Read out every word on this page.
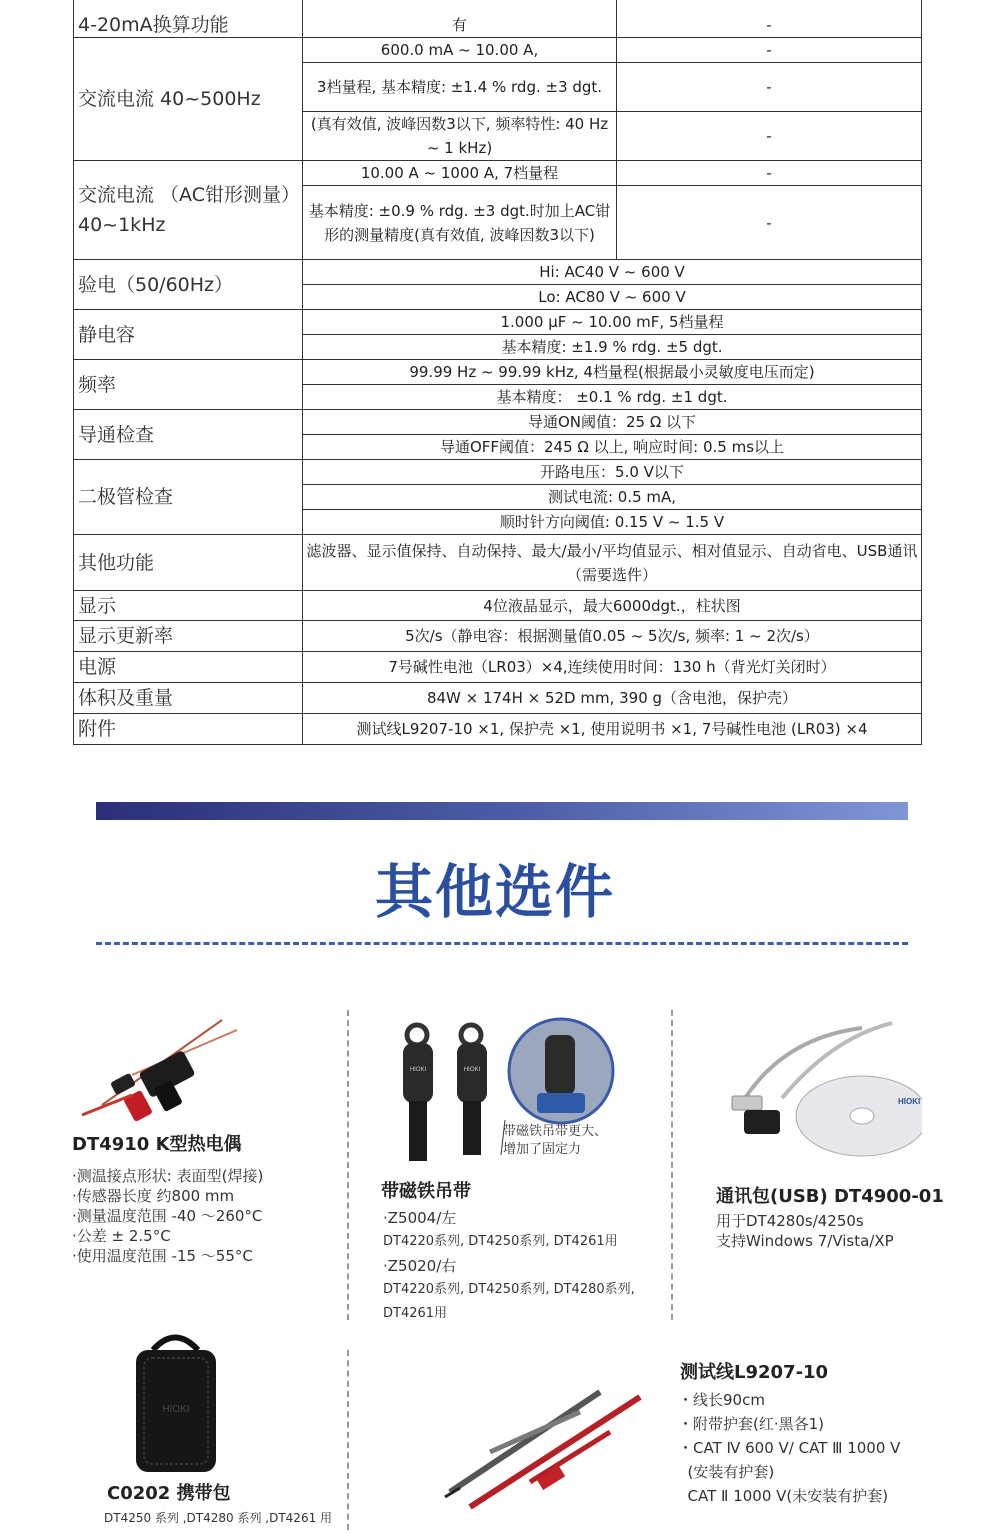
4-20mA换算功能	有	-
交流电流 40~500Hz	600.0 mA ~ 10.00 A,	-
	3档量程, 基本精度: ±1.4 % rdg. ±3 dgt.	-
	(真有效值, 波峰因数3以下, 频率特性: 40 Hz ~ 1 kHz)	-
交流电流 （AC钳形测量）40~1kHz	10.00 A ~ 1000 A, 7档量程	-
	基本精度: ±0.9 % rdg. ±3 dgt.时加上AC钳形的测量精度(真有效值, 波峰因数3以下)	-
验电（50/60Hz）	Hi: AC40 V ~ 600 V	
	Lo: AC80 V ~ 600 V	
静电容	1.000 μF ~ 10.00 mF, 5档量程	
	基本精度: ±1.9 % rdg. ±5 dgt.	
频率	99.99 Hz ~ 99.99 kHz, 4档量程(根据最小灵敏度电压而定)	
	基本精度： ±0.1 % rdg. ±1 dgt.	
导通检查	导通ON阈值：25 Ω 以下	
	导通OFF阈值：245 Ω 以上, 响应时间: 0.5 ms以上	
二极管检查	开路电压：5.0 V以下	
	测试电流: 0.5 mA,	
	顺时针方向阈值: 0.15 V ~ 1.5 V	
其他功能	滤波器、显示值保持、自动保持、最大/最小/平均值显示、相对值显示、自动省电、USB通讯（需要选件）	
显示	4位液晶显示，最大6000dgt.，柱状图	
显示更新率	5次/s（静电容：根据测量值0.05 ~ 5次/s, 频率: 1 ~ 2次/s）	
电源	7号碱性电池（LR03）×4,连续使用时间：130 h（背光灯关闭时）	
体积及重量	84W × 174H × 52D mm, 390 g（含电池，保护壳）	
附件	测试线L9207-10 ×1, 保护壳 ×1, 使用说明书 ×1, 7号碱性电池 (LR03) ×4	
其他选件
DT4910 K型热电偶
·测温接点形状: 表面型(焊接)
·传感器长度 约800 mm
·测量温度范围 -40 ～260°C
·公差 ± 2.5°C
·使用温度范围 -15 ～55°C
HIOKI	HIOKI
带磁铁吊带更大、
增加了固定力
带磁铁吊带
·Z5004/左
DT4220系列, DT4250系列, DT4261用
·Z5020/右
DT4220系列, DT4250系列, DT4280系列,
DT4261用
HIOKI
通讯包(USB) DT4900-01
用于DT4280s/4250s
支持Windows 7/Vista/XP
HIOKI
C0202 携带包
DT4250 系列 ,DT4280 系列 ,DT4261 用
测试线L9207-10
・线长90cm
・附带护套(红·黑各1)
・CAT Ⅳ 600 V/ CAT Ⅲ 1000 V
(安装有护套)
CAT Ⅱ 1000 V(未安装有护套)
